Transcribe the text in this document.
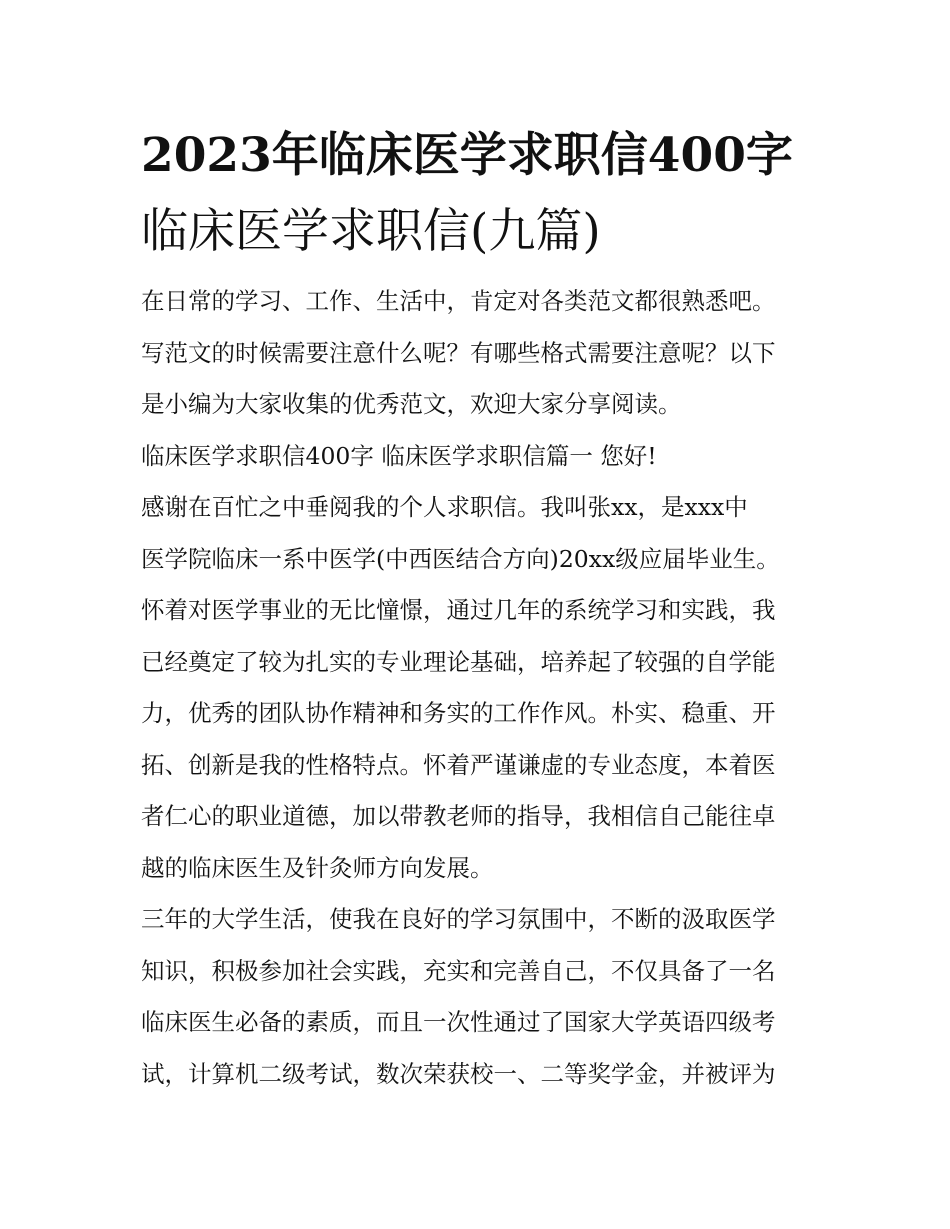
2023年临床医学求职信400字
临床医学求职信(九篇)
在日常的学习、工作、生活中，肯定对各类范文都很熟悉吧。
写范文的时候需要注意什么呢？有哪些格式需要注意呢？以下
是小编为大家收集的优秀范文，欢迎大家分享阅读。
临床医学求职信400字 临床医学求职信篇一 您好!
感谢在百忙之中垂阅我的个人求职信。我叫张xx，是xxx中
医学院临床一系中医学(中西医结合方向)20xx级应届毕业生。
怀着对医学事业的无比憧憬，通过几年的系统学习和实践，我
已经奠定了较为扎实的专业理论基础，培养起了较强的自学能
力，优秀的团队协作精神和务实的工作作风。朴实、稳重、开
拓、创新是我的性格特点。怀着严谨谦虚的专业态度，本着医
者仁心的职业道德，加以带教老师的指导，我相信自己能往卓
越的临床医生及针灸师方向发展。
三年的大学生活，使我在良好的学习氛围中，不断的汲取医学
知识，积极参加社会实践，充实和完善自己，不仅具备了一名
临床医生必备的素质，而且一次性通过了国家大学英语四级考
试，计算机二级考试，数次荣获校一、二等奖学金，并被评为
